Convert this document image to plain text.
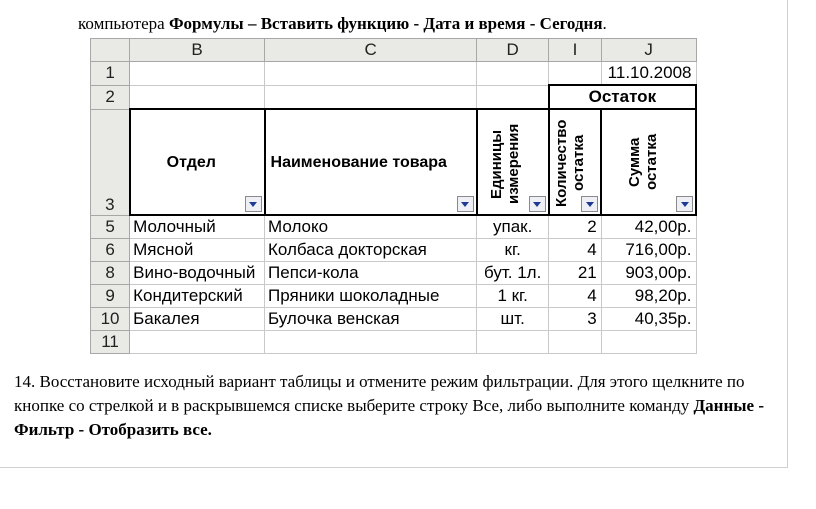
компьютера Формулы – Вставить функцию - Дата и время - Сегодня.
	B	C	D	I	J
1					11.10.2008
2				Остаток	
3	Отдел	Наименование товара	Единицы измерения	Количество остатка	Сумма остатка

5	Молочный	Молоко	упак.	2	42,00р.
6	Мясной	Колбаса докторская	кг.	4	716,00р.
8	Вино-водочный	Пепси-кола	бут. 1л.	21	903,00р.
9	Кондитерский	Пряники шоколадные	1 кг.	4	98,20р.
10	Бакалея	Булочка венская	шт.	3	40,35р.
11					
14. Восстановите исходный вариант таблицы и отмените режим фильтрации. Для этого щелкните по кнопке со стрелкой и в раскрывшемся списке выберите строку Все, либо выполните команду Данные - Фильтр - Отобразить все.
